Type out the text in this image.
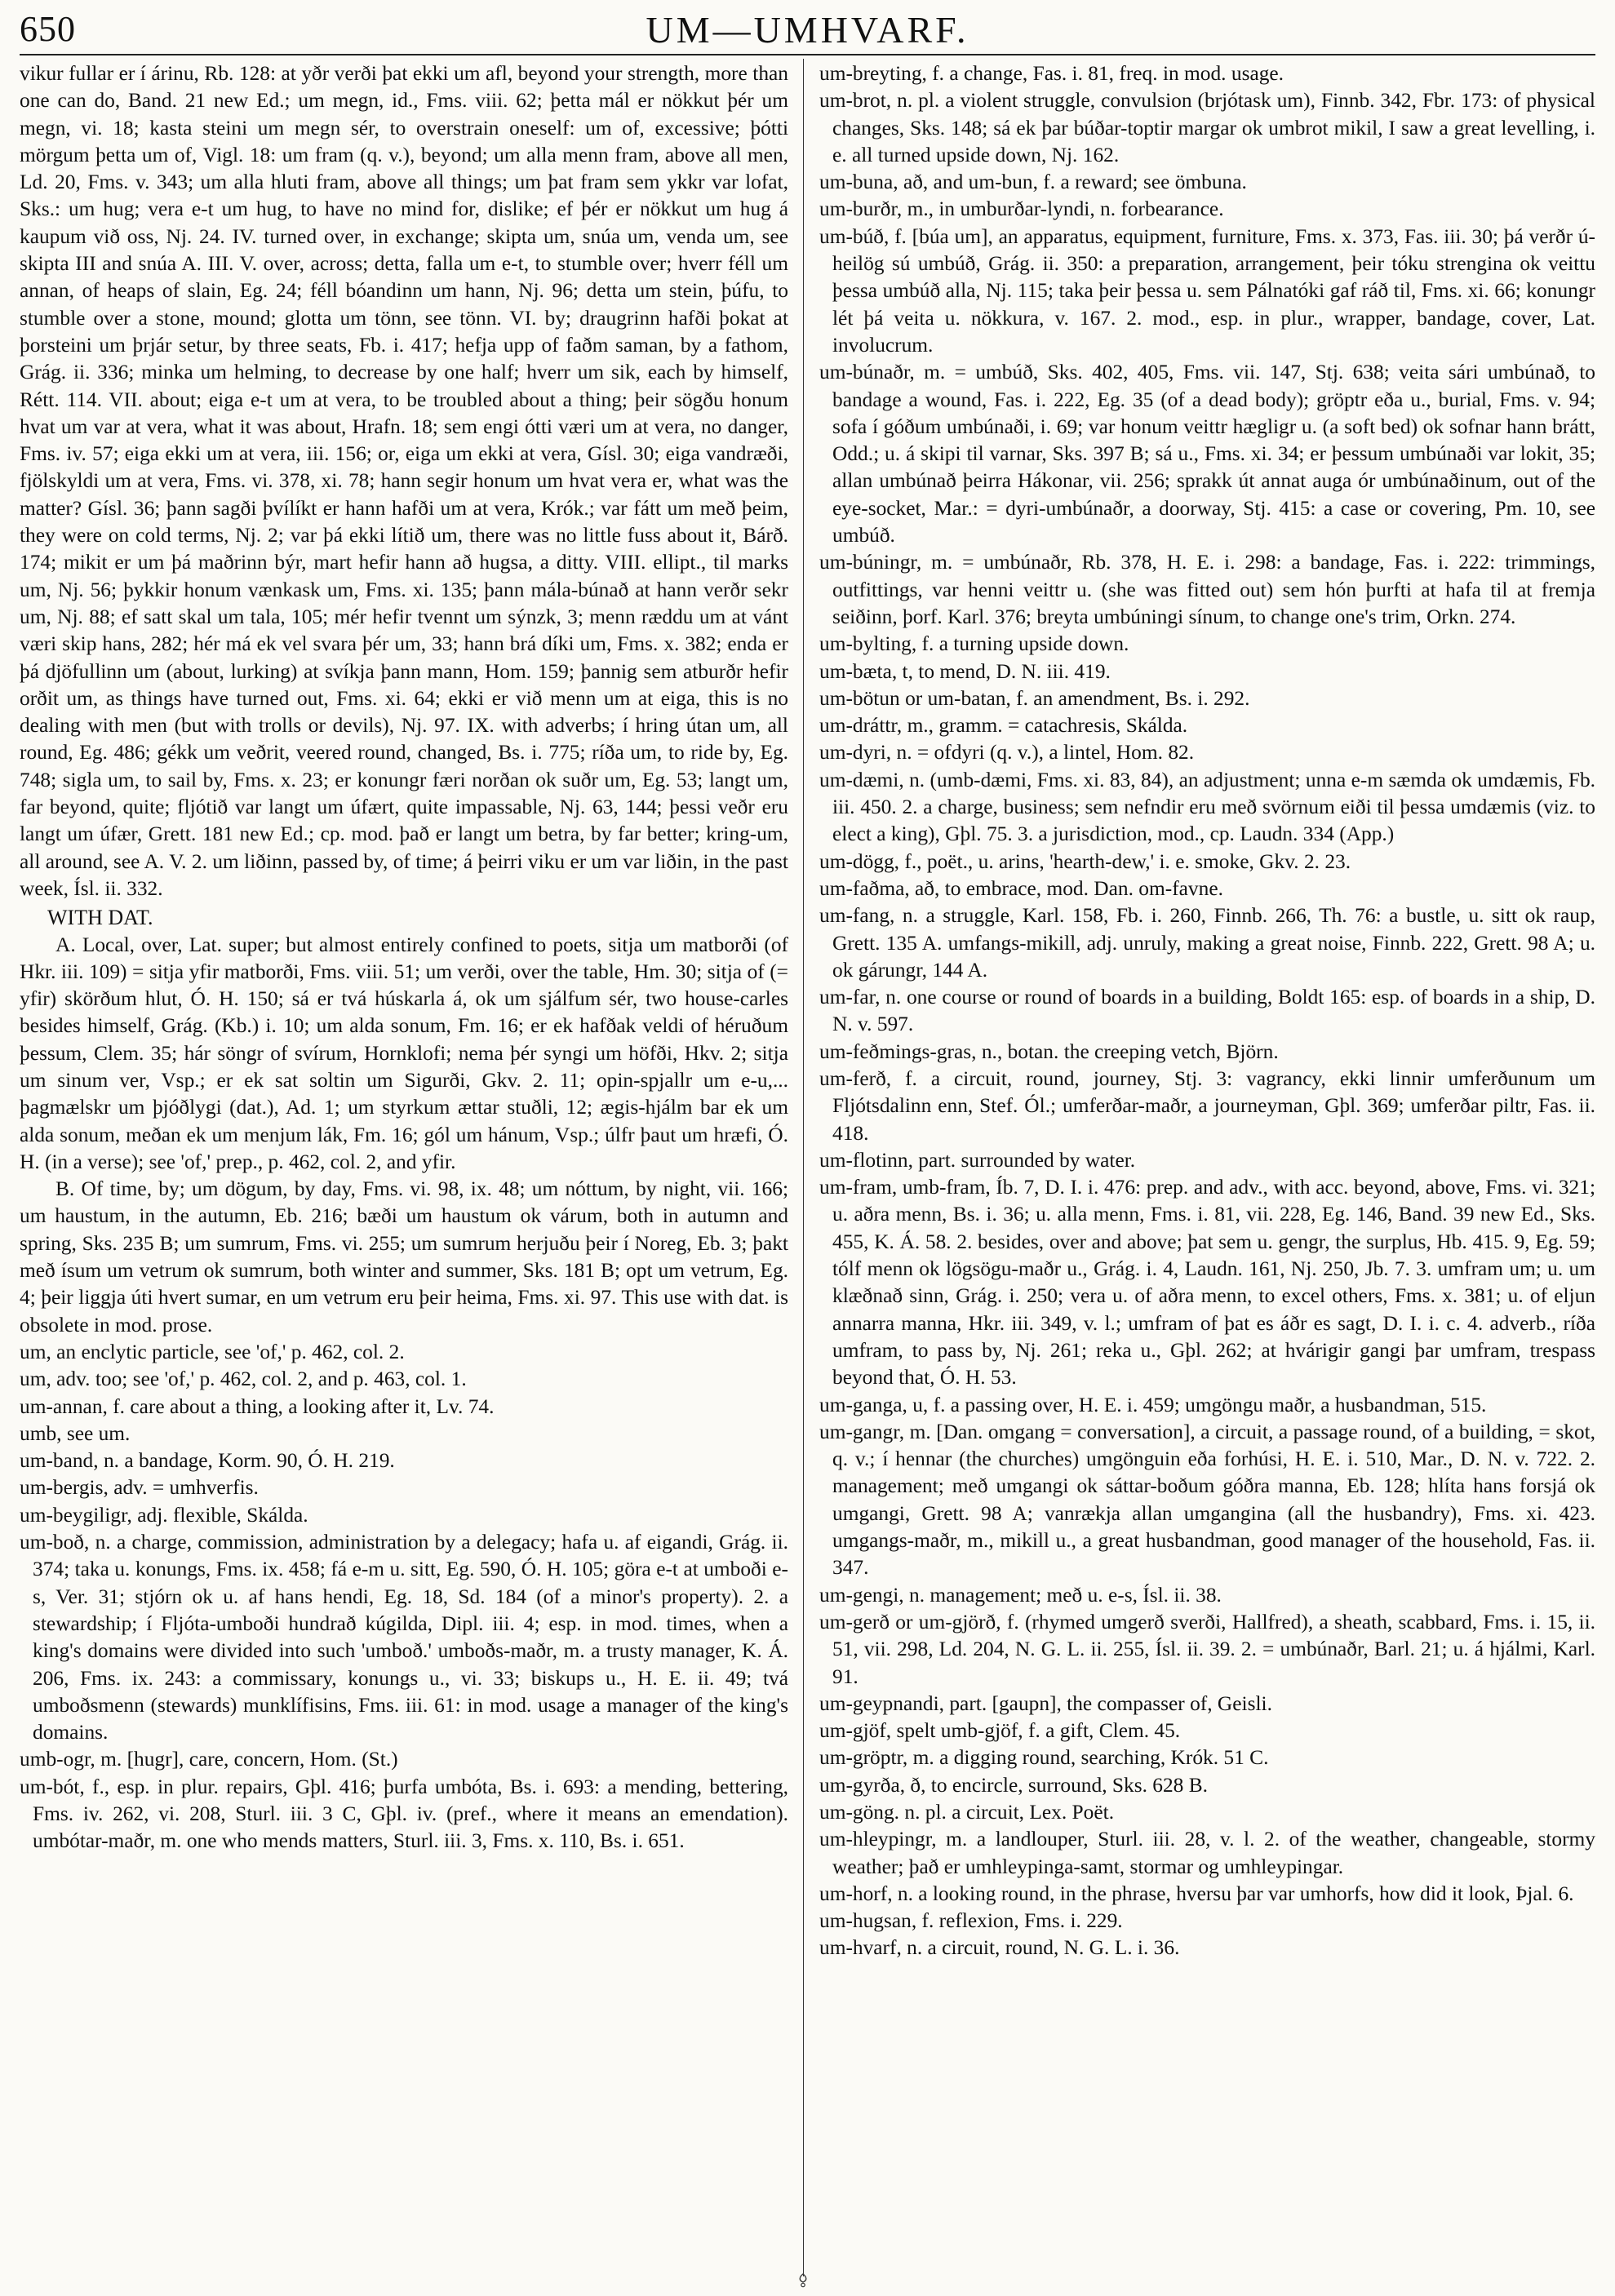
650	UM—UMHVARF.

vikur fullar er í árinu, Rb. 128: at yðr verði þat ekki um afl, beyond your strength, more than one can do, Band. 21 new Ed.; um megn, id., Fms. viii. 62; þetta mál er nökkut þér um megn, vi. 18; kasta steini um megn sér, to overstrain oneself: um of, excessive; þótti mörgum þetta um of, Vigl. 18: um fram (q. v.), beyond; um alla menn fram, above all men, Ld. 20, Fms. v. 343; um alla hluti fram, above all things; um þat fram sem ykkr var lofat, Sks.: um hug; vera e-t um hug, to have no mind for, dislike; ef þér er nökkut um hug á kaupum við oss, Nj. 24. IV. turned over, in exchange; skipta um, snúa um, venda um, see skipta III and snúa A. III. V. over, across; detta, falla um e-t, to stumble over; hverr féll um annan, of heaps of slain, Eg. 24; féll bóandinn um hann, Nj. 96; detta um stein, þúfu, to stumble over a stone, mound; glotta um tönn, see tönn. VI. by; draugrinn hafði þokat at þorsteini um þrjár setur, by three seats, Fb. i. 417; hefja upp of faðm saman, by a fathom, Grág. ii. 336; minka um helming, to decrease by one half; hverr um sik, each by himself, Rétt. 114. VII. about; eiga e-t um at vera, to be troubled about a thing; þeir sögðu honum hvat um var at vera, what it was about, Hrafn. 18; sem engi ótti væri um at vera, no danger, Fms. iv. 57; eiga ekki um at vera, iii. 156; or, eiga um ekki at vera, Gísl. 30; eiga vandræði, fjölskyldi um at vera, Fms. vi. 378, xi. 78; hann segir honum um hvat vera er, what was the matter? Gísl. 36; þann sagði þvílíkt er hann hafði um at vera, Krók.; var fátt um með þeim, they were on cold terms, Nj. 2; var þá ekki lítið um, there was no little fuss about it, Bárð. 174; mikit er um þá maðrinn býr, mart hefir hann að hugsa, a ditty. VIII. ellipt., til marks um, Nj. 56; þykkir honum vænkask um, Fms. xi. 135; þann mála-búnað at hann verðr sekr um, Nj. 88; ef satt skal um tala, 105; mér hefir tvennt um sýnzk, 3; menn ræddu um at vánt væri skip hans, 282; hér má ek vel svara þér um, 33; hann brá díki um, Fms. x. 382; enda er þá djöfullinn um (about, lurking) at svíkja þann mann, Hom. 159; þannig sem atburðr hefir orðit um, as things have turned out, Fms. xi. 64; ekki er við menn um at eiga, this is no dealing with men (but with trolls or devils), Nj. 97. IX. with adverbs; í hring útan um, all round, Eg. 486; gékk um veðrit, veered round, changed, Bs. i. 775; ríða um, to ride by, Eg. 748; sigla um, to sail by, Fms. x. 23; er konungr færi norðan ok suðr um, Eg. 53; langt um, far beyond, quite; fljótið var langt um úfært, quite impassable, Nj. 63, 144; þessi veðr eru langt um úfær, Grett. 181 new Ed.; cp. mod. það er langt um betra, by far better; kring-um, all around, see A. V. 2. um liðinn, passed by, of time; á þeirri viku er um var liðin, in the past week, Ísl. ii. 332.

WITH DAT.

A. Local, over, Lat. super; but almost entirely confined to poets, sitja um matborði (of Hkr. iii. 109) = sitja yfir matborði, Fms. viii. 51; um verði, over the table, Hm. 30; sitja of (= yfir) skörðum hlut, Ó. H. 150; sá er tvá húskarla á, ok um sjálfum sér, two house-carles besides himself, Grág. (Kb.) i. 10; um alda sonum, Fm. 16; er ek hafðak veldi of héruðum þessum, Clem. 35; hár söngr of svírum, Hornklofi; nema þér syngi um höfði, Hkv. 2; sitja um sinum ver, Vsp.; er ek sat soltin um Sigurði, Gkv. 2. 11; opin-spjallr um e-u,... þagmælskr um þjóðlygi (dat.), Ad. 1; um styrkum ættar stuðli, 12; ægis-hjálm bar ek um alda sonum, meðan ek um menjum lák, Fm. 16; gól um hánum, Vsp.; úlfr þaut um hræfi, Ó. H. (in a verse); see 'of,' prep., p. 462, col. 2, and yfir.

B. Of time, by; um dögum, by day, Fms. vi. 98, ix. 48; um nóttum, by night, vii. 166; um haustum, in the autumn, Eb. 216; bæði um haustum ok várum, both in autumn and spring, Sks. 235 B; um sumrum, Fms. vi. 255; um sumrum herjuðu þeir í Noreg, Eb. 3; þakt með ísum um vetrum ok sumrum, both winter and summer, Sks. 181 B; opt um vetrum, Eg. 4; þeir liggja úti hvert sumar, en um vetrum eru þeir heima, Fms. xi. 97. This use with dat. is obsolete in mod. prose.

um, an enclytic particle, see 'of,' p. 462, col. 2.

um, adv. too; see 'of,' p. 462, col. 2, and p. 463, col. 1.

um-annan, f. care about a thing, a looking after it, Lv. 74.

umb, see um.

um-band, n. a bandage, Korm. 90, Ó. H. 219.

um-bergis, adv. = umhverfis.

um-beygiligr, adj. flexible, Skálda.

um-boð, n. a charge, commission, administration by a delegacy; hafa u. af eigandi, Grág. ii. 374; taka u. konungs, Fms. ix. 458; fá e-m u. sitt, Eg. 590, Ó. H. 105; göra e-t at umboði e-s, Ver. 31; stjórn ok u. af hans hendi, Eg. 18, Sd. 184 (of a minor's property). 2. a stewardship; í Fljóta-umboði hundrað kúgilda, Dipl. iii. 4; esp. in mod. times, when a king's domains were divided into such 'umboð.' umboðs-maðr, m. a trusty manager, K. Á. 206, Fms. ix. 243: a commissary, konungs u., vi. 33; biskups u., H. E. ii. 49; tvá umboðsmenn (stewards) munklífisins, Fms. iii. 61: in mod. usage a manager of the king's domains.

umb-ogr, m. [hugr], care, concern, Hom. (St.)

um-bót, f., esp. in plur. repairs, Gþl. 416; þurfa umbóta, Bs. i. 693: a mending, bettering, Fms. iv. 262, vi. 208, Sturl. iii. 3 C, Gþl. iv. (pref., where it means an emendation). umbótar-maðr, m. one who mends matters, Sturl. iii. 3, Fms. x. 110, Bs. i. 651.

um-breyting, f. a change, Fas. i. 81, freq. in mod. usage.

um-brot, n. pl. a violent struggle, convulsion (brjótask um), Finnb. 342, Fbr. 173: of physical changes, Sks. 148; sá ek þar búðar-toptir margar ok umbrot mikil, I saw a great levelling, i. e. all turned upside down, Nj. 162.

um-buna, að, and um-bun, f. a reward; see ömbuna.

um-burðr, m., in umburðar-lyndi, n. forbearance.

um-búð, f. [búa um], an apparatus, equipment, furniture, Fms. x. 373, Fas. iii. 30; þá verðr ú-heilög sú umbúð, Grág. ii. 350: a preparation, arrangement, þeir tóku strengina ok veittu þessa umbúð alla, Nj. 115; taka þeir þessa u. sem Pálnatóki gaf ráð til, Fms. xi. 66; konungr lét þá veita u. nökkura, v. 167. 2. mod., esp. in plur., wrapper, bandage, cover, Lat. involucrum.

um-búnaðr, m. = umbúð, Sks. 402, 405, Fms. vii. 147, Stj. 638; veita sári umbúnað, to bandage a wound, Fas. i. 222, Eg. 35 (of a dead body); gröptr eða u., burial, Fms. v. 94; sofa í góðum umbúnaði, i. 69; var honum veittr hægligr u. (a soft bed) ok sofnar hann brátt, Odd.; u. á skipi til varnar, Sks. 397 B; sá u., Fms. xi. 34; er þessum umbúnaði var lokit, 35; allan umbúnað þeirra Hákonar, vii. 256; sprakk út annat auga ór umbúnaðinum, out of the eye-socket, Mar.: = dyri-umbúnaðr, a doorway, Stj. 415: a case or covering, Pm. 10, see umbúð.

um-búningr, m. = umbúnaðr, Rb. 378, H. E. i. 298: a bandage, Fas. i. 222: trimmings, outfittings, var henni veittr u. (she was fitted out) sem hón þurfti at hafa til at fremja seiðinn, þorf. Karl. 376; breyta umbúningi sínum, to change one's trim, Orkn. 274.

um-bylting, f. a turning upside down.

um-bæta, t, to mend, D. N. iii. 419.

um-bötun or um-batan, f. an amendment, Bs. i. 292.

um-dráttr, m., gramm. = catachresis, Skálda.

um-dyri, n. = ofdyri (q. v.), a lintel, Hom. 82.

um-dæmi, n. (umb-dæmi, Fms. xi. 83, 84), an adjustment; unna e-m sæmda ok umdæmis, Fb. iii. 450. 2. a charge, business; sem nefndir eru með svörnum eiði til þessa umdæmis (viz. to elect a king), Gþl. 75. 3. a jurisdiction, mod., cp. Laudn. 334 (App.)

um-dögg, f., poët., u. arins, 'hearth-dew,' i. e. smoke, Gkv. 2. 23.

um-faðma, að, to embrace, mod. Dan. om-favne.

um-fang, n. a struggle, Karl. 158, Fb. i. 260, Finnb. 266, Th. 76: a bustle, u. sitt ok raup, Grett. 135 A. umfangs-mikill, adj. unruly, making a great noise, Finnb. 222, Grett. 98 A; u. ok gárungr, 144 A.

um-far, n. one course or round of boards in a building, Boldt 165: esp. of boards in a ship, D. N. v. 597.

um-feðmings-gras, n., botan. the creeping vetch, Björn.

um-ferð, f. a circuit, round, journey, Stj. 3: vagrancy, ekki linnir umferðunum um Fljótsdalinn enn, Stef. Ól.; umferðar-maðr, a journeyman, Gþl. 369; umferðar piltr, Fas. ii. 418.

um-flotinn, part. surrounded by water.

um-fram, umb-fram, Íb. 7, D. I. i. 476: prep. and adv., with acc. beyond, above, Fms. vi. 321; u. aðra menn, Bs. i. 36; u. alla menn, Fms. i. 81, vii. 228, Eg. 146, Band. 39 new Ed., Sks. 455, K. Á. 58. 2. besides, over and above; þat sem u. gengr, the surplus, Hb. 415. 9, Eg. 59; tólf menn ok lögsögu-maðr u., Grág. i. 4, Laudn. 161, Nj. 250, Jb. 7. 3. umfram um; u. um klæðnað sinn, Grág. i. 250; vera u. of aðra menn, to excel others, Fms. x. 381; u. of eljun annarra manna, Hkr. iii. 349, v. l.; umfram of þat es áðr es sagt, D. I. i. c. 4. adverb., ríða umfram, to pass by, Nj. 261; reka u., Gþl. 262; at hvárigir gangi þar umfram, trespass beyond that, Ó. H. 53.

um-ganga, u, f. a passing over, H. E. i. 459; umgöngu maðr, a husbandman, 515.

um-gangr, m. [Dan. omgang = conversation], a circuit, a passage round, of a building, = skot, q. v.; í hennar (the churches) umgönguin eða forhúsi, H. E. i. 510, Mar., D. N. v. 722. 2. management; með umgangi ok sáttar-boðum góðra manna, Eb. 128; hlíta hans forsjá ok umgangi, Grett. 98 A; vanrækja allan umgangina (all the husbandry), Fms. xi. 423. umgangs-maðr, m., mikill u., a great husbandman, good manager of the household, Fas. ii. 347.

um-gengi, n. management; með u. e-s, Ísl. ii. 38.

um-gerð or um-gjörð, f. (rhymed umgerð sverði, Hallfred), a sheath, scabbard, Fms. i. 15, ii. 51, vii. 298, Ld. 204, N. G. L. ii. 255, Ísl. ii. 39. 2. = umbúnaðr, Barl. 21; u. á hjálmi, Karl. 91.

um-geypnandi, part. [gaupn], the compasser of, Geisli.

um-gjöf, spelt umb-gjöf, f. a gift, Clem. 45.

um-gröptr, m. a digging round, searching, Krók. 51 C.

um-gyrða, ð, to encircle, surround, Sks. 628 B.

um-göng. n. pl. a circuit, Lex. Poët.

um-hleypingr, m. a landlouper, Sturl. iii. 28, v. l. 2. of the weather, changeable, stormy weather; það er umhleypinga-samt, stormar og umhleypingar.

um-horf, n. a looking round, in the phrase, hversu þar var umhorfs, how did it look, Þjal. 6.

um-hugsan, f. reflexion, Fms. i. 229.

um-hvarf, n. a circuit, round, N. G. L. i. 36.
